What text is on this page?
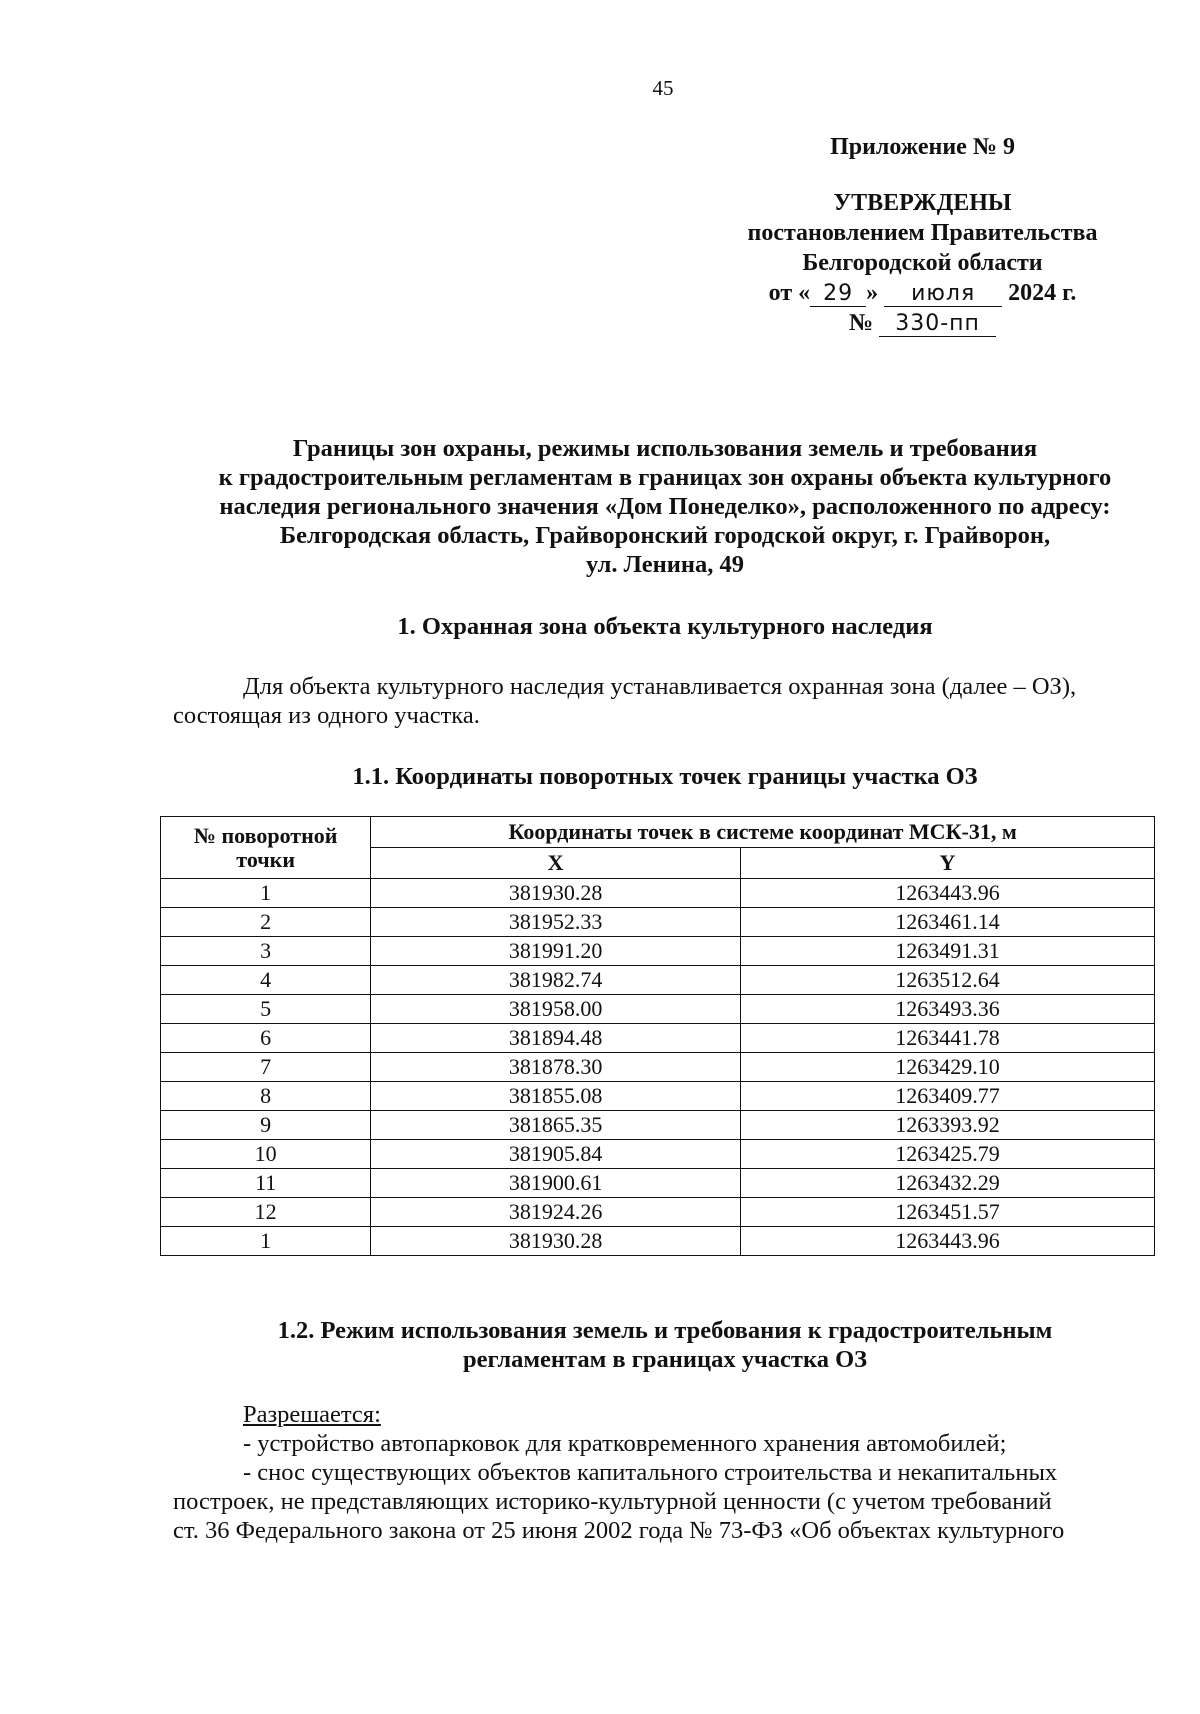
45
Приложение № 9
УТВЕРЖДЕНЫ
постановлением Правительства
Белгородской области
от « 29 » июля 2024 г.
№ 330-пп
Границы зон охраны, режимы использования земель и требования
к градостроительным регламентам в границах зон охраны объекта культурного
наследия регионального значения «Дом Понеделко», расположенного по адресу:
Белгородская область, Грайворонский городской округ, г. Грайворон,
ул. Ленина, 49
1. Охранная зона объекта культурного наследия
Для объекта культурного наследия устанавливается охранная зона (далее – ОЗ),
состоящая из одного участка.
1.1. Координаты поворотных точек границы участка ОЗ
№ поворотной
точки	Координаты точек в системе координат МСК-31, м	
	X	Y
1	381930.28	1263443.96
2	381952.33	1263461.14
3	381991.20	1263491.31
4	381982.74	1263512.64
5	381958.00	1263493.36
6	381894.48	1263441.78
7	381878.30	1263429.10
8	381855.08	1263409.77
9	381865.35	1263393.92
10	381905.84	1263425.79
11	381900.61	1263432.29
12	381924.26	1263451.57
1	381930.28	1263443.96
1.2. Режим использования земель и требования к градостроительным
регламентам в границах участка ОЗ
Разрешается:
- устройство автопарковок для кратковременного хранения автомобилей;
- снос существующих объектов капитального строительства и некапитальных
построек, не представляющих историко-культурной ценности (с учетом требований
ст. 36 Федерального закона от 25 июня 2002 года № 73-ФЗ «Об объектах культурного
